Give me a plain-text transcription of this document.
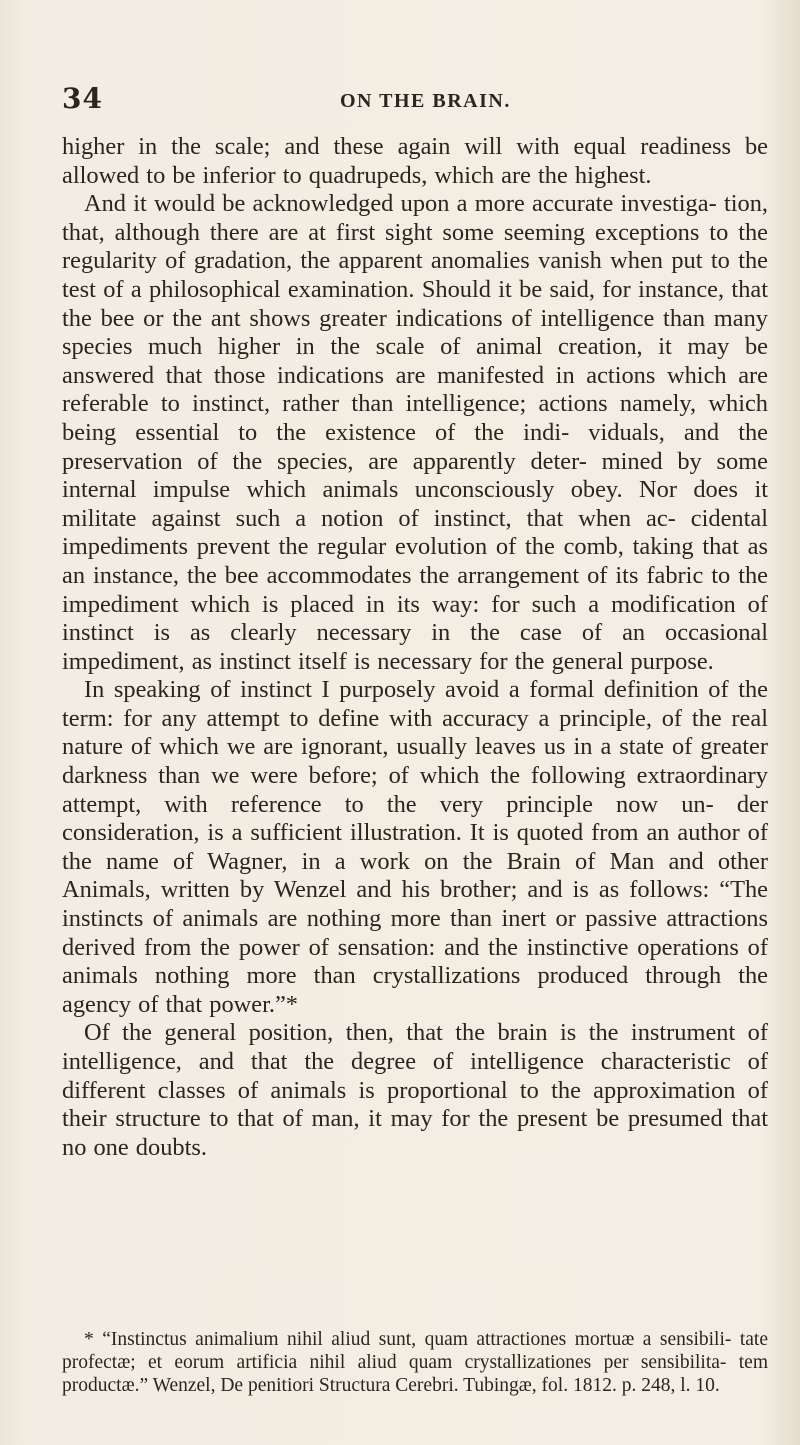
34	ON THE BRAIN.

higher in the scale; and these again will with equal readiness be allowed to be inferior to quadrupeds, which are the highest.

And it would be acknowledged upon a more accurate investiga- tion, that, although there are at first sight some seeming exceptions to the regularity of gradation, the apparent anomalies vanish when put to the test of a philosophical examination. Should it be said, for instance, that the bee or the ant shows greater indications of intelligence than many species much higher in the scale of animal creation, it may be answered that those indications are manifested in actions which are referable to instinct, rather than intelligence; actions namely, which being essential to the existence of the indi- viduals, and the preservation of the species, are apparently deter- mined by some internal impulse which animals unconsciously obey. Nor does it militate against such a notion of instinct, that when ac- cidental impediments prevent the regular evolution of the comb, taking that as an instance, the bee accommodates the arrangement of its fabric to the impediment which is placed in its way: for such a modification of instinct is as clearly necessary in the case of an occasional impediment, as instinct itself is necessary for the general purpose.

In speaking of instinct I purposely avoid a formal definition of the term: for any attempt to define with accuracy a principle, of the real nature of which we are ignorant, usually leaves us in a state of greater darkness than we were before; of which the following extraordinary attempt, with reference to the very principle now un- der consideration, is a sufficient illustration. It is quoted from an author of the name of Wagner, in a work on the Brain of Man and other Animals, written by Wenzel and his brother; and is as follows: “The instincts of animals are nothing more than inert or passive attractions derived from the power of sensation: and the instinctive operations of animals nothing more than crystallizations produced through the agency of that power.”*

Of the general position, then, that the brain is the instrument of intelligence, and that the degree of intelligence characteristic of different classes of animals is proportional to the approximation of their structure to that of man, it may for the present be presumed that no one doubts.

* “Instinctus animalium nihil aliud sunt, quam attractiones mortuæ a sensibili- tate profectæ; et eorum artificia nihil aliud quam crystallizationes per sensibilita- tem productæ.” Wenzel, De penitiori Structura Cerebri. Tubingæ, fol. 1812. p. 248, l. 10.
